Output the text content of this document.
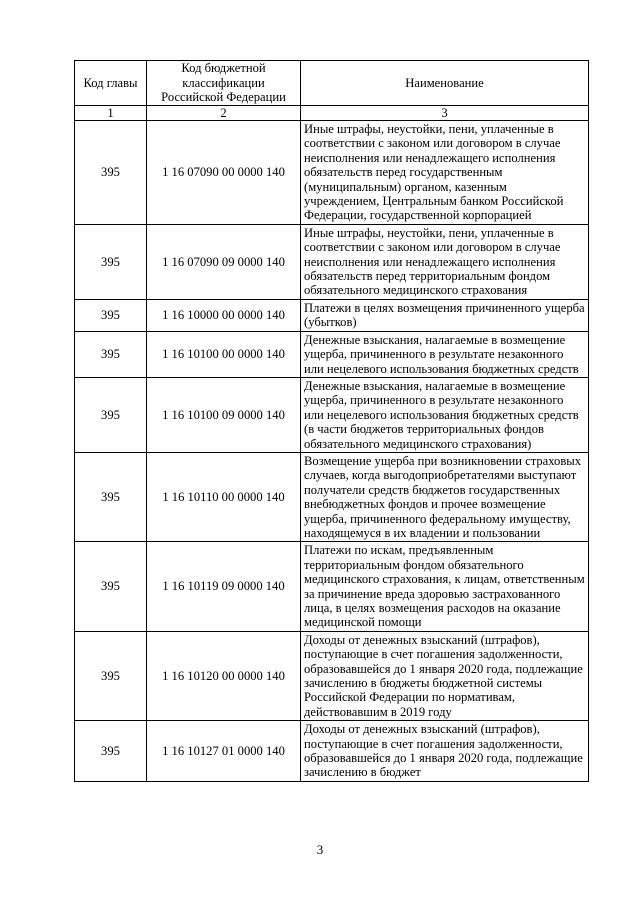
Код главы	Код бюджетной классификации Российской Федерации	Наименование
1	2	3
395	1 16 07090 00 0000 140	Иные штрафы, неустойки, пени, уплаченные в соответствии с законом или договором в случае неисполнения или ненадлежащего исполнения обязательств перед государственным (муниципальным) органом, казенным учреждением, Центральным банком Российской Федерации, государственной корпорацией
395	1 16 07090 09 0000 140	Иные штрафы, неустойки, пени, уплаченные в соответствии с законом или договором в случае неисполнения или ненадлежащего исполнения обязательств перед территориальным фондом обязательного медицинского страхования
395	1 16 10000 00 0000 140	Платежи в целях возмещения причиненного ущерба (убытков)
395	1 16 10100 00 0000 140	Денежные взыскания, налагаемые в возмещение ущерба, причиненного в результате незаконного или нецелевого использования бюджетных средств
395	1 16 10100 09 0000 140	Денежные взыскания, налагаемые в возмещение ущерба, причиненного в результате незаконного или нецелевого использования бюджетных средств (в части бюджетов территориальных фондов обязательного медицинского страхования)
395	1 16 10110 00 0000 140	Возмещение ущерба при возникновении страховых случаев, когда выгодоприобретателями выступают получатели средств бюджетов государственных внебюджетных фондов и прочее возмещение ущерба, причиненного федеральному имуществу, находящемуся в их владении и пользовании
395	1 16 10119 09 0000 140	Платежи по искам, предъявленным территориальным фондом обязательного медицинского страхования, к лицам, ответственным за причинение вреда здоровью застрахованного лица, в целях возмещения расходов на оказание медицинской помощи
395	1 16 10120 00 0000 140	Доходы от денежных взысканий (штрафов), поступающие в счет погашения задолженности, образовавшейся до 1 января 2020 года, подлежащие зачислению в бюджеты бюджетной системы Российской Федерации по нормативам, действовавшим в 2019 году
395	1 16 10127 01 0000 140	Доходы от денежных взысканий (штрафов), поступающие в счет погашения задолженности, образовавшейся до 1 января 2020 года, подлежащие зачислению в бюджет
3
